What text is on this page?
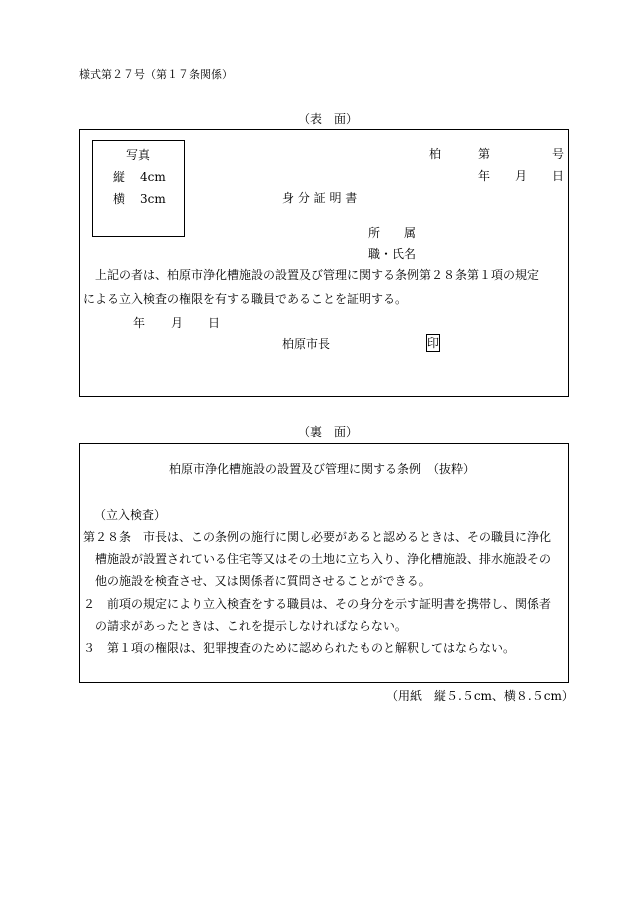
様式第２７号（第１７条関係）
（表　面）
写真
縦 4cm
横 3cm
柏	第	号
年 月 日
身 分 証 明 書
所　　属
職・氏名
　上記の者は、柏原市浄化槽施設の設置及び管理に関する条例第２８条第１項の規定
による立入検査の権限を有する職員であることを証明する。
年 月 日
柏原市長	印
（裏　面）
柏原市浄化槽施設の設置及び管理に関する条例　（抜粋）
（立入検査）
第２８条　市長は、この条例の施行に関し必要があると認めるときは、その職員に浄化
　槽施設が設置されている住宅等又はその土地に立ち入り、浄化槽施設、排水施設その
　他の施設を検査させ、又は関係者に質問させることができる。
２　前項の規定により立入検査をする職員は、その身分を示す証明書を携帯し、関係者
　の請求があったときは、これを提示しなければならない。
３　第１項の権限は、犯罪捜査のために認められたものと解釈してはならない。
（用紙　縦５.５cm、横８.５cm）
